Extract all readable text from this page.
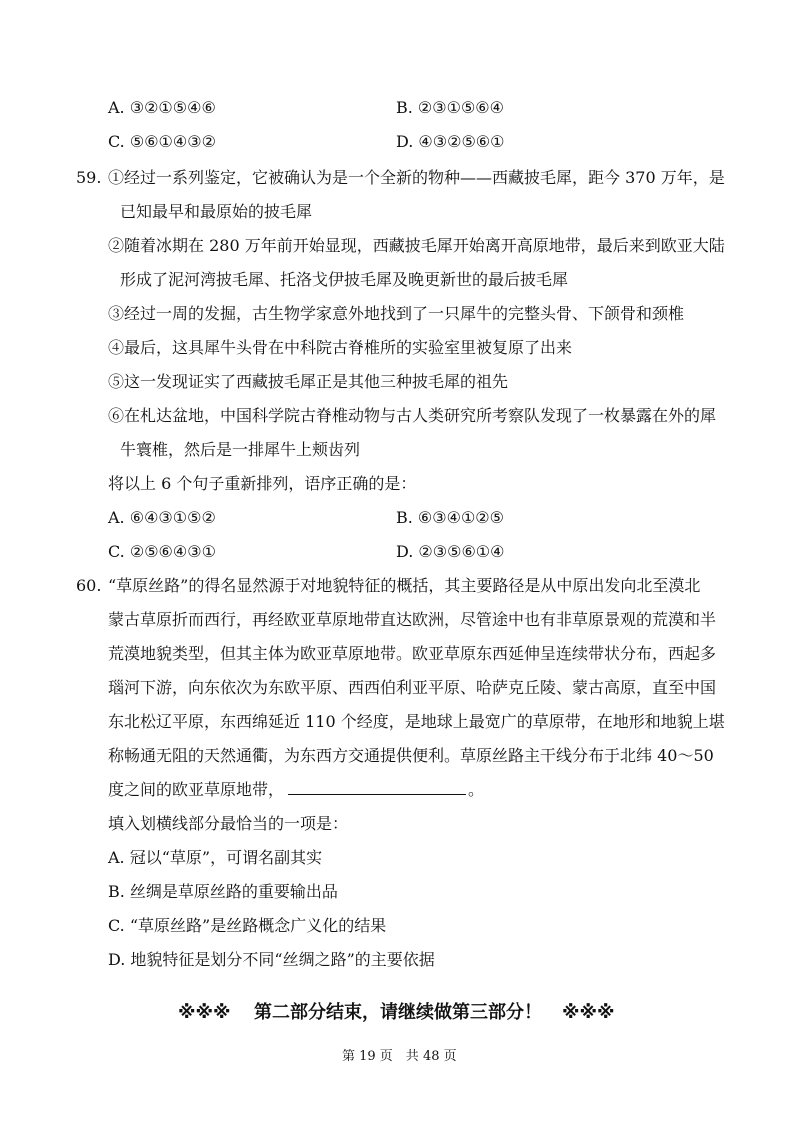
A. ③②①⑤④⑥	B. ②③①⑤⑥④
C. ⑤⑥①④③②	D. ④③②⑤⑥①
59. ①经过一系列鉴定，它被确认为是一个全新的物种——西藏披毛犀，距今 370 万年，是
已知最早和最原始的披毛犀
②随着冰期在 280 万年前开始显现，西藏披毛犀开始离开高原地带，最后来到欧亚大陆
形成了泥河湾披毛犀、托洛戈伊披毛犀及晚更新世的最后披毛犀
③经过一周的发掘，古生物学家意外地找到了一只犀牛的完整头骨、下颌骨和颈椎
④最后，这具犀牛头骨在中科院古脊椎所的实验室里被复原了出来
⑤这一发现证实了西藏披毛犀正是其他三种披毛犀的祖先
⑥在札达盆地，中国科学院古脊椎动物与古人类研究所考察队发现了一枚暴露在外的犀
牛寰椎，然后是一排犀牛上颊齿列
将以上 6 个句子重新排列，语序正确的是：
A. ⑥④③①⑤②	B. ⑥③④①②⑤
C. ②⑤⑥④③①	D. ②③⑤⑥①④
60. “草原丝路”的得名显然源于对地貌特征的概括，其主要路径是从中原出发向北至漠北
蒙古草原折而西行，再经欧亚草原地带直达欧洲，尽管途中也有非草原景观的荒漠和半
荒漠地貌类型，但其主体为欧亚草原地带。欧亚草原东西延伸呈连续带状分布，西起多
瑙河下游，向东依次为东欧平原、西西伯利亚平原、哈萨克丘陵、蒙古高原，直至中国
东北松辽平原，东西绵延近 110 个经度，是地球上最宽广的草原带，在地形和地貌上堪
称畅通无阻的天然通衢，为东西方交通提供便利。草原丝路主干线分布于北纬 40～50
度之间的欧亚草原地带，	。
填入划横线部分最恰当的一项是：
A. 冠以“草原”，可谓名副其实
B. 丝绸是草原丝路的重要输出品
C. “草原丝路”是丝路概念广义化的结果
D. 地貌特征是划分不同“丝绸之路”的主要依据
※※※ 第二部分结束，请继续做第三部分！ ※※※
第 19 页　共 48 页
